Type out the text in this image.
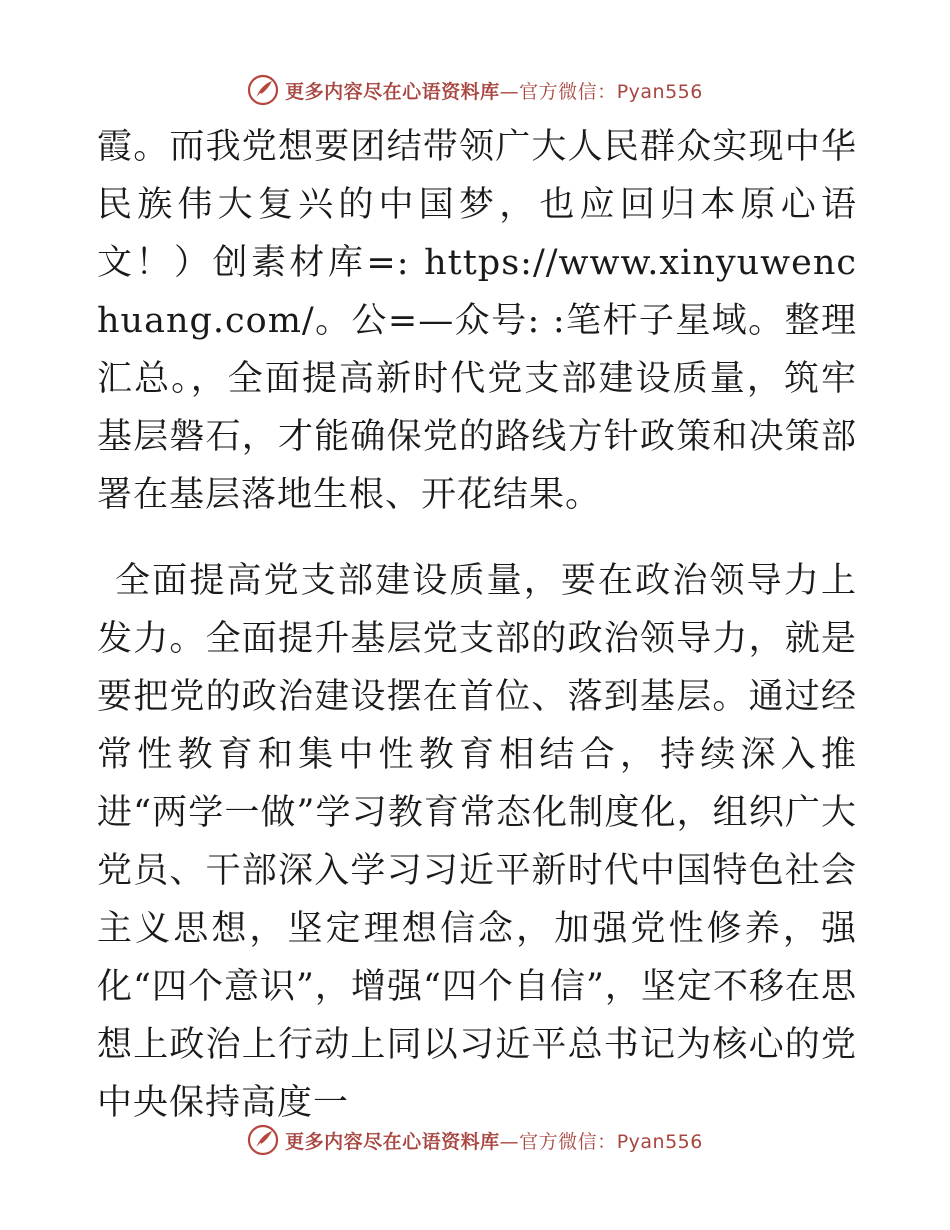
更多内容尽在心语资料库—官方微信：Pyan556

霞。而我党想要团结带领广大人民群众实现中华民族伟大复兴的中国梦，也应回归本原心语文！）创素材库=: https://www.xinyuwenchuang.com/。公=—众号: :笔杆子星域。整理汇总。，全面提高新时代党支部建设质量，筑牢基层磐石，才能确保党的路线方针政策和决策部署在基层落地生根、开花结果。

全面提高党支部建设质量，要在政治领导力上发力。全面提升基层党支部的政治领导力，就是要把党的政治建设摆在首位、落到基层。通过经常性教育和集中性教育相结合，持续深入推进“两学一做”学习教育常态化制度化，组织广大党员、干部深入学习习近平新时代中国特色社会主义思想，坚定理想信念，加强党性修养，强化“四个意识”，增强“四个自信”，坚定不移在思想上政治上行动上同以习近平总书记为核心的党中央保持高度一

更多内容尽在心语资料库—官方微信：Pyan556
